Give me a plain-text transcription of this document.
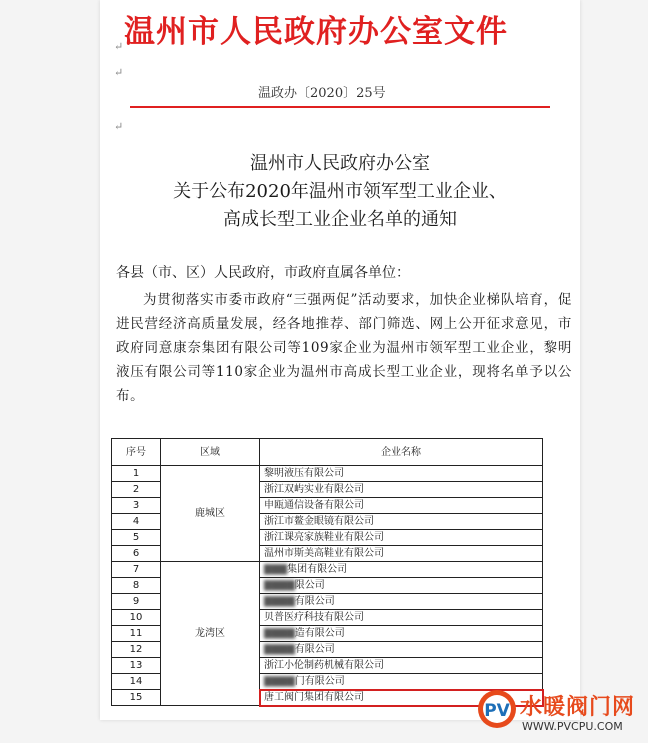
温州市人民政府办公室文件
温政办〔2020〕25号
↵
↵
↵
温州市人民政府办公室
关于公布2020年温州市领军型工业企业、
高成长型工业企业名单的通知
各县（市、区）人民政府，市政府直属各单位：
为贯彻落实市委市政府“三强两促”活动要求，加快企业梯队培育，促进民营经济高质量发展，经各地推荐、部门筛选、网上公开征求意见，市政府同意康奈集团有限公司等109家企业为温州市领军型工业企业，黎明液压有限公司等110家企业为温州市高成长型工业企业，现将名单予以公布。
序号	区域	企业名称
1	鹿城区	黎明液压有限公司
2		浙江双屿实业有限公司
3		申瓯通信设备有限公司
4		浙江市鳌金眼镜有限公司
5		浙江课亮家族鞋业有限公司
6		温州市斯美高鞋业有限公司
7	龙湾区	▇▇▇集团有限公司
8		▇▇▇▇限公司
9		▇▇▇▇有限公司
10		贝普医疗科技有限公司
11		▇▇▇▇造有限公司
12		▇▇▇▇有限公司
13		浙江小伦制药机械有限公司
14		▇▇▇▇门有限公司
15		唐工阀门集团有限公司
PV 水暖阀门网
WWW.PVCPU.COM
